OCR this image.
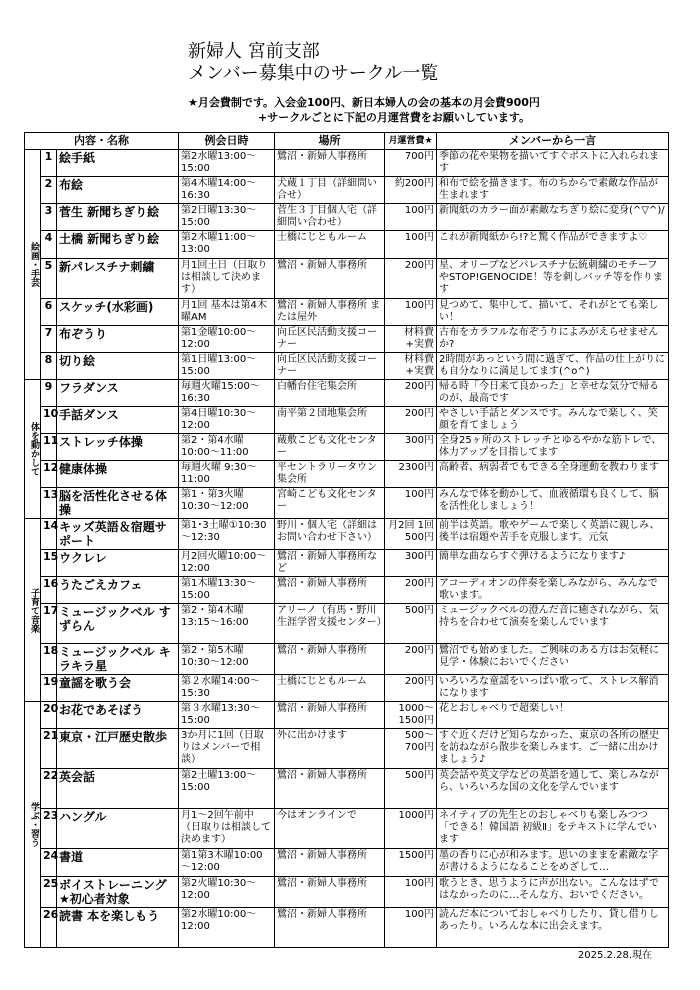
新婦人 宮前支部
メンバー募集中のサークル一覧
★月会費制です。入会金100円、新日本婦人の会の基本の月会費900円
+サークルごとに下記の月運営費をお願いしています。
内容・名称			例会日時	場所	月運営費★	メンバーから一言
絵画・手芸	1	絵手紙	第2水曜13:00～15:00	鷺沼・新婦人事務所	700円	季節の花や果物を描いてすぐポストに入れられます
	2	布絵	第4木曜14:00～16:30	犬蔵１丁目（詳細問い合せ）	約200円	和布で絵を描きます。布のちからで素敵な作品が生まれます
	3	菅生 新聞ちぎり絵	第2日曜13:30～15:00	菅生３丁目個人宅（詳細問い合わせ）	100円	新聞紙のカラー面が素敵なちぎり絵に変身(^▽^)/
	4	土橋 新聞ちぎり絵	第2木曜11:00～13:00	土橋にじともルーム	100円	これが新聞紙から!?と驚く作品ができますよ♡
	5	新パレスチナ刺繍	月1回土日（日取りは相談して決めます）	鷺沼・新婦人事務所	200円	星、オリーブなどパレスチナ伝統刺繍のモチーフやSTOP!GENOCIDE！等を刺しバッチ等を作ります
	6	スケッチ(水彩画)	月1回 基本は第4木曜AM	鷺沼・新婦人事務所 または屋外	100円	見つめて、集中して、描いて、それがとても楽しい！
	7	布ぞうり	第1金曜10:00～12:00	向丘区民活動支援コーナー	材料費+実費	古布をカラフルな布ぞうりによみがえらせませんか?
	8	切り絵	第1日曜13:00～15:00	向丘区民活動支援コーナー	材料費+実費	2時間があっという間に過ぎて、作品の仕上がりにも自分なりに満足してます(^o^)
体を動かして	9	フラダンス	毎週火曜15:00～16:30	白幡台住宅集会所	200円	帰る時「今日来て良かった」と幸せな気分で帰るのが、最高です
	10	手話ダンス	第4日曜10:30～12:00	南平第２団地集会所	200円	やさしい手話とダンスです。みんなで楽しく、笑顔を育てましょう
	11	ストレッチ体操	第2・第4水曜10:00～11:00	蔵敷こども文化センター	300円	全身25ヶ所のストレッチとゆるやかな筋トレで、体力アップを目指してます
	12	健康体操	毎週火曜 9:30～11:00	平セントラリータウン集会所	2300円	高齢者、病弱者でもできる全身運動を教わります
	13	脳を活性化させる体操	第1・第3火曜10:30～12:00	宮崎こども文化センター	100円	みんなで体を動かして、血液循環も良くして、脳を活性化しましょう！
子育て音楽	14	キッズ英語＆宿題サポート	第1･3土曜①10:30～12:30	野川・個人宅（詳細はお問い合わせ下さい）	月2回 1回500円	前半は英語。歌やゲームで楽しく英語に親しみ、後半は宿題や苦手を克服します。元気
	15	ウクレレ	月2回火曜10:00～12:00	鷺沼・新婦人事務所など	300円	簡単な曲ならすぐ弾けるようになります♪
	16	うたごえカフェ	第1木曜13:30～15:00	鷺沼・新婦人事務所	200円	アコーディオンの伴奏を楽しみながら、みんなで歌います。
	17	ミュージックベル すずらん	第2・第4木曜13:15～16:00	アリーノ（有馬・野川生涯学習支援センター）	500円	ミュージックベルの澄んだ音に癒されながら、気持ちを合わせて演奏を楽しんでいます
	18	ミュージックベル キラキラ星	第2・第5木曜10:30～12:00	鷺沼・新婦人事務所	200円	鷺沼でも始めました。ご興味のある方はお気軽に見学・体験においでください
	19	童謡を歌う会	第２水曜14:00～15:30	土橋にじともルーム	200円	いろいろな童謡をいっぱい歌って、ストレス解消になります
学ぶ・習う	20	お花であそぼう	第３水曜13:30～15:00	鷺沼・新婦人事務所	1000～1500円	花とおしゃべりで超楽しい！
	21	東京・江戸歴史散歩	3か月に1回（日取りはメンバーで相談）	外に出かけます	500～700円	すぐ近くだけど知らなかった、東京の各所の歴史を訪ねながら散歩を楽しみます。ご一緒に出かけましょう♪
	22	英会話	第2土曜13:00～15:00	鷺沼・新婦人事務所	500円	英会話や英文学などの英語を通して、楽しみながら、いろいろな国の文化を学んでいます
	23	ハングル	月1～2回午前中（日取りは相談して決めます）	今はオンラインで	1000円	ネイティブの先生とのおしゃべりも楽しみつつ「できる！韓国語 初級Ⅱ」をテキストに学んでいます
	24	書道	第1第3木曜10:00～12:00	鷺沼・新婦人事務所	1500円	墨の香りに心が和みます。思いのままを素敵な字が書けるようになることをめざして…
	25	ボイストレーニング★初心者対象	第2火曜10:30～12:00	鷺沼・新婦人事務所	100円	歌うとき、思うように声が出ない。こんなはずではなかったのに…そんな方、おいでください。
	26	読書 本を楽しもう	第2水曜10:00～12:00	鷺沼・新婦人事務所	100円	読んだ本についておしゃべりしたり、貸し借りしあったり。いろんな本に出会えます。
2025.2.28.現在
